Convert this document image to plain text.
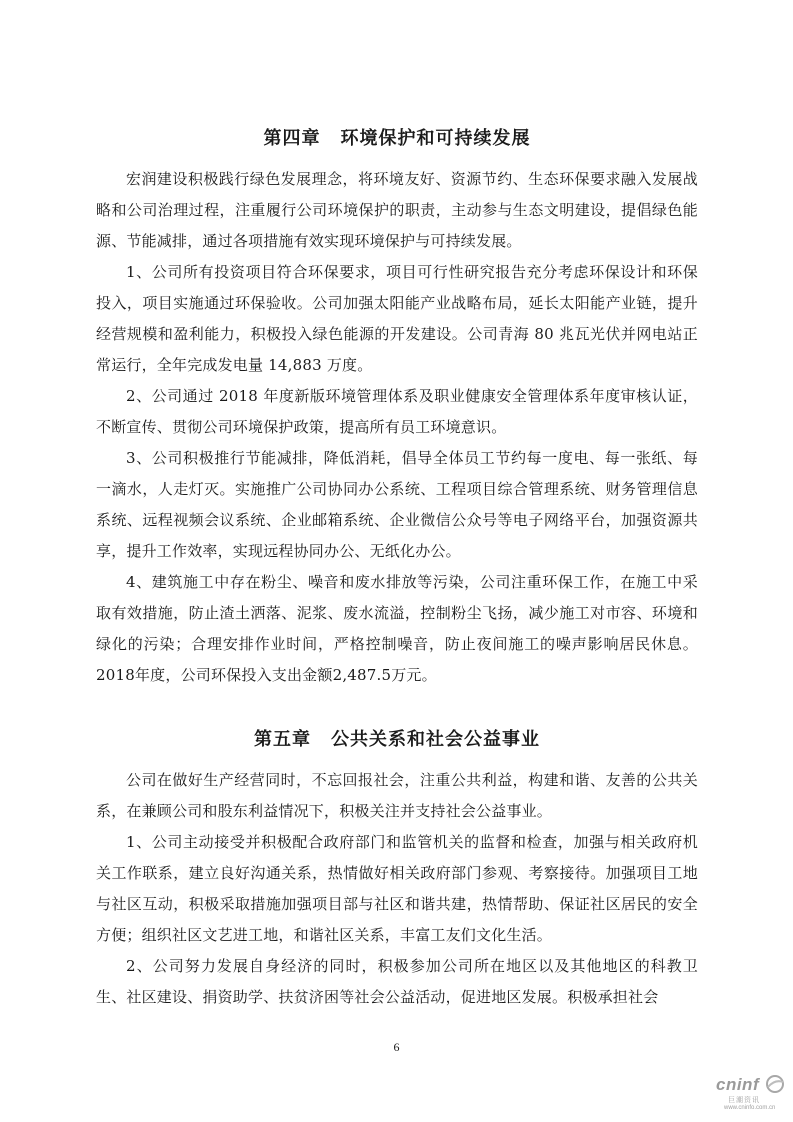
第四章 环境保护和可持续发展

宏润建设积极践行绿色发展理念，将环境友好、资源节约、生态环保要求融入发展战略和公司治理过程，注重履行公司环境保护的职责，主动参与生态文明建设，提倡绿色能源、节能减排，通过各项措施有效实现环境保护与可持续发展。

1、公司所有投资项目符合环保要求，项目可行性研究报告充分考虑环保设计和环保投入，项目实施通过环保验收。公司加强太阳能产业战略布局，延长太阳能产业链，提升经营规模和盈利能力，积极投入绿色能源的开发建设。公司青海 80 兆瓦光伏并网电站正常运行，全年完成发电量 14,883 万度。

2、公司通过 2018 年度新版环境管理体系及职业健康安全管理体系年度审核认证，不断宣传、贯彻公司环境保护政策，提高所有员工环境意识。

3、公司积极推行节能减排，降低消耗，倡导全体员工节约每一度电、每一张纸、每一滴水，人走灯灭。实施推广公司协同办公系统、工程项目综合管理系统、财务管理信息系统、远程视频会议系统、企业邮箱系统、企业微信公众号等电子网络平台，加强资源共享，提升工作效率，实现远程协同办公、无纸化办公。

4、建筑施工中存在粉尘、噪音和废水排放等污染，公司注重环保工作，在施工中采取有效措施，防止渣土洒落、泥浆、废水流溢，控制粉尘飞扬，减少施工对市容、环境和绿化的污染；合理安排作业时间，严格控制噪音，防止夜间施工的噪声影响居民休息。2018年度，公司环保投入支出金额2,487.5万元。

第五章 公共关系和社会公益事业

公司在做好生产经营同时，不忘回报社会，注重公共利益，构建和谐、友善的公共关系，在兼顾公司和股东利益情况下，积极关注并支持社会公益事业。

1、公司主动接受并积极配合政府部门和监管机关的监督和检查，加强与相关政府机关工作联系，建立良好沟通关系，热情做好相关政府部门参观、考察接待。加强项目工地与社区互动，积极采取措施加强项目部与社区和谐共建，热情帮助、保证社区居民的安全方便；组织社区文艺进工地，和谐社区关系，丰富工友们文化生活。

2、公司努力发展自身经济的同时，积极参加公司所在地区以及其他地区的科教卫生、社区建设、捐资助学、扶贫济困等社会公益活动，促进地区发展。积极承担社会

6
cninf
巨潮资讯
www.cninfo.com.cn
